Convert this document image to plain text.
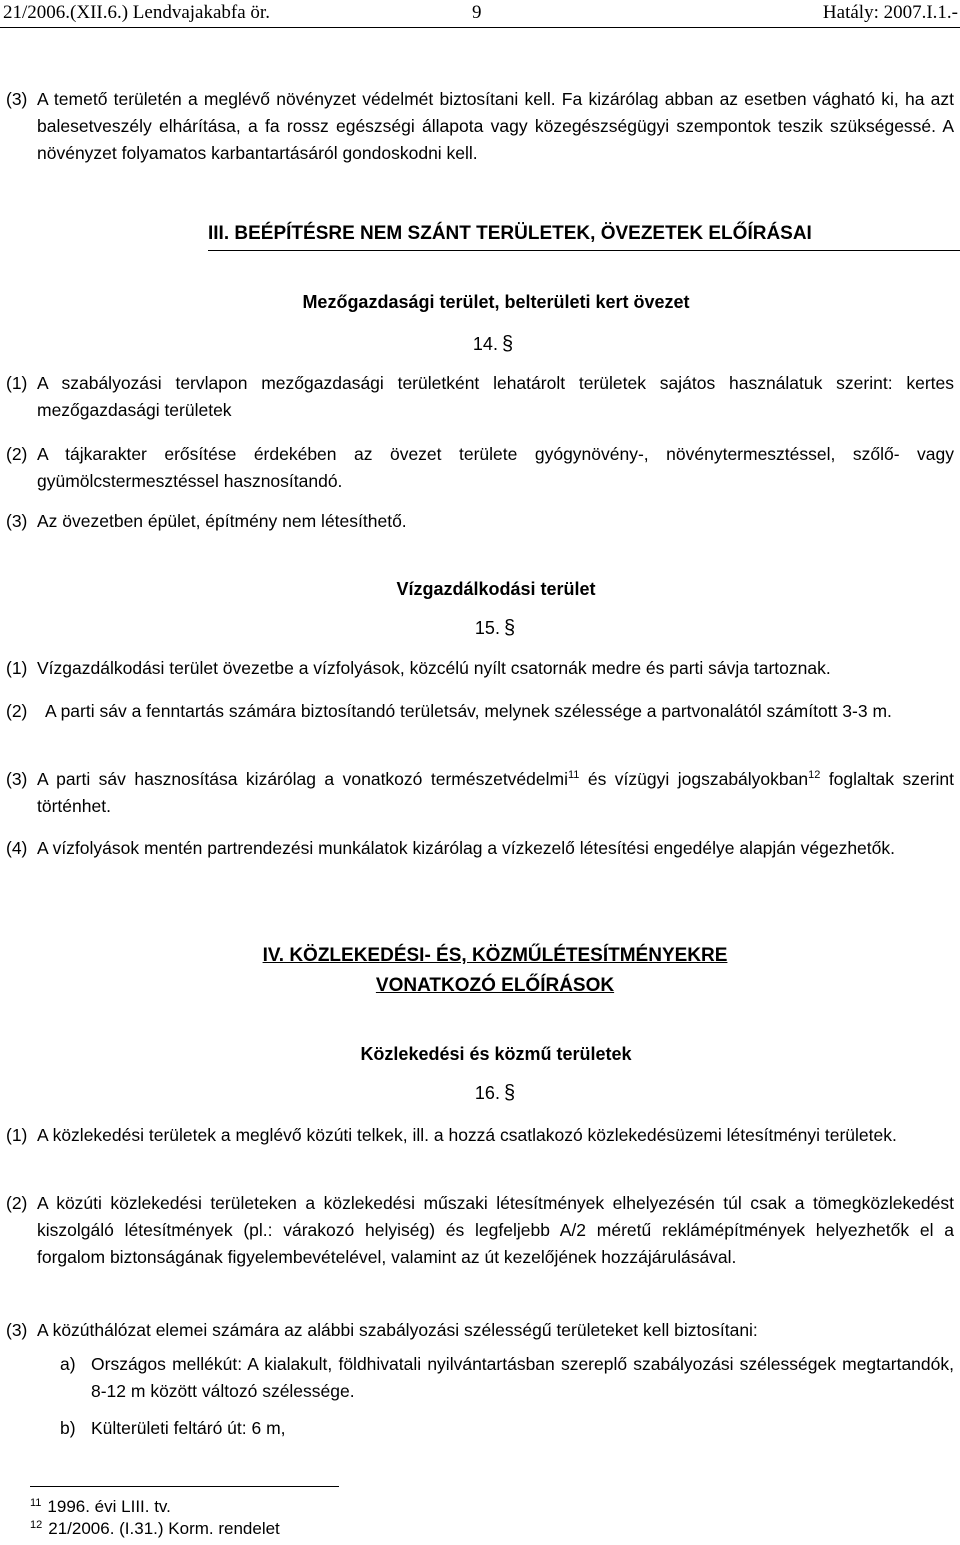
21/2006.(XII.6.) Lendvajakabfa ör.	9	Hatály: 2007.I.1.-
(3) A temető területén a meglévő növényzet védelmét biztosítani kell. Fa kizárólag abban az esetben vágható ki, ha azt balesetveszély elhárítása, a fa rossz egészségi állapota vagy közegészségügyi szempontok teszik szükségessé. A növényzet folyamatos karbantartásáról gondoskodni kell.
III. BEÉPÍTÉSRE NEM SZÁNT TERÜLETEK, ÖVEZETEK ELŐÍRÁSAI
Mezőgazdasági terület, belterületi kert övezet
14. §
(1) A szabályozási tervlapon mezőgazdasági területként lehatárolt területek sajátos használatuk szerint: kertes mezőgazdasági területek
(2) A tájkarakter erősítése érdekében az övezet területe gyógynövény-, növénytermesztéssel, szőlő- vagy gyümölcstermesztéssel hasznosítandó.
(3) Az övezetben épület, építmény nem létesíthető.
Vízgazdálkodási terület
15. §
(1) Vízgazdálkodási terület övezetbe a vízfolyások, közcélú nyílt csatornák medre és parti sávja tartoznak.
(2)	A parti sáv a fenntartás számára biztosítandó területsáv, melynek szélessége a partvonalától számított 3-3 m.
(3) A parti sáv hasznosítása kizárólag a vonatkozó természetvédelmi$^{11}$ és vízügyi jogszabályokban$^{12}$ foglaltak szerint történhet.
(4) A vízfolyások mentén partrendezési munkálatok kizárólag a vízkezelő létesítési engedélye alapján végezhetők.
IV. KÖZLEKEDÉSI- ÉS, KÖZMŰLÉTESÍTMÉNYEKRE
VONATKOZÓ ELŐÍRÁSOK
Közlekedési és közmű területek
16. §
(1) A közlekedési területek a meglévő közúti telkek, ill. a hozzá csatlakozó közlekedésüzemi létesítményi területek.
(2) A közúti közlekedési területeken a közlekedési műszaki létesítmények elhelyezésén túl csak a tömegközlekedést kiszolgáló létesítmények (pl.: várakozó helyiség) és legfeljebb A/2 méretű reklámépítmények helyezhetők el a forgalom biztonságának figyelembevételével, valamint az út kezelőjének hozzájárulásával.
(3) A közúthálózat elemei számára az alábbi szabályozási szélességű területeket kell biztosítani:
a) Országos mellékút: A kialakult, földhivatali nyilvántartásban szereplő szabályozási szélességek megtartandók, 8-12 m között változó szélessége.
b) Külterületi feltáró út: 6 m,
$^{11}$ 1996. évi LIII. tv.
$^{12}$ 21/2006. (I.31.) Korm. rendelet
